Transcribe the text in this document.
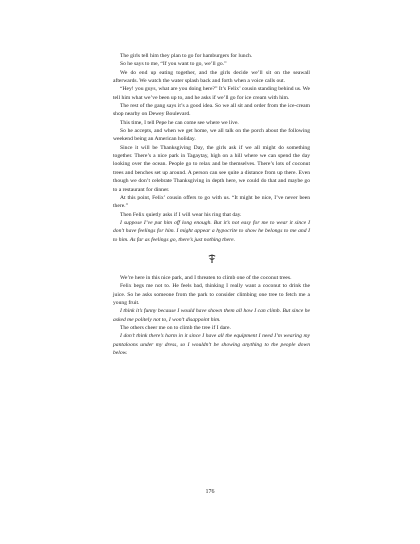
The girls tell him they plan to go for hamburgers for lunch.

So he says to me, “If you want to go, we’ll go.”

We do end up eating together, and the girls decide we’ll sit on the seawall afterwards. We watch the water splash back and forth when a voice calls out.

“Hey! you guys, what are you doing here?” It’s Felix’ cousin standing behind us. We tell him what we’ve been up to, and he asks if we’ll go for ice cream with him.

The rest of the gang says it’s a good idea. So we all sit and order from the ice-cream shop nearby on Dewey Boulevard.

This time, I tell Pepe he can come see where we live.

So he accepts, and when we get home, we all talk on the porch about the following weekend being an American holiday.

Since it will be Thanksgiving Day, the girls ask if we all might do something together. There’s a nice park in Tagaytay, high on a hill where we can spend the day looking over the ocean. People go to relax and be themselves. There’s lots of coconut trees and benches set up around. A person can see quite a distance from up there. Even though we don’t celebrate Thanksgiving in depth here, we could do that and maybe go to a restaurant for dinner.

At this point, Felix’ cousin offers to go with us. “It might be nice, I’ve never been there.”

Then Felix quietly asks if I will wear his ring that day.

I suppose I’ve put him off long enough. But it’s not easy for me to wear it since I don’t have feelings for him. I might appear a hypocrite to show he belongs to me and I to him. As far as feelings go, there’s just nothing there.

We’re here in this nice park, and I threaten to climb one of the coconut trees.

Felix begs me not to. He feels bad, thinking I really want a coconut to drink the juice. So he asks someone from the park to consider climbing one tree to fetch me a young fruit.

I think it’s funny because I would have shown them all how I can climb. But since he asked me politely not to, I won’t disappoint him.

The others cheer me on to climb the tree if I dare.

I don’t think there’s harm in it since I have all the equipment I need I’m wearing my pantaloons under my dress, so I wouldn’t be showing anything to the people down below.

176
